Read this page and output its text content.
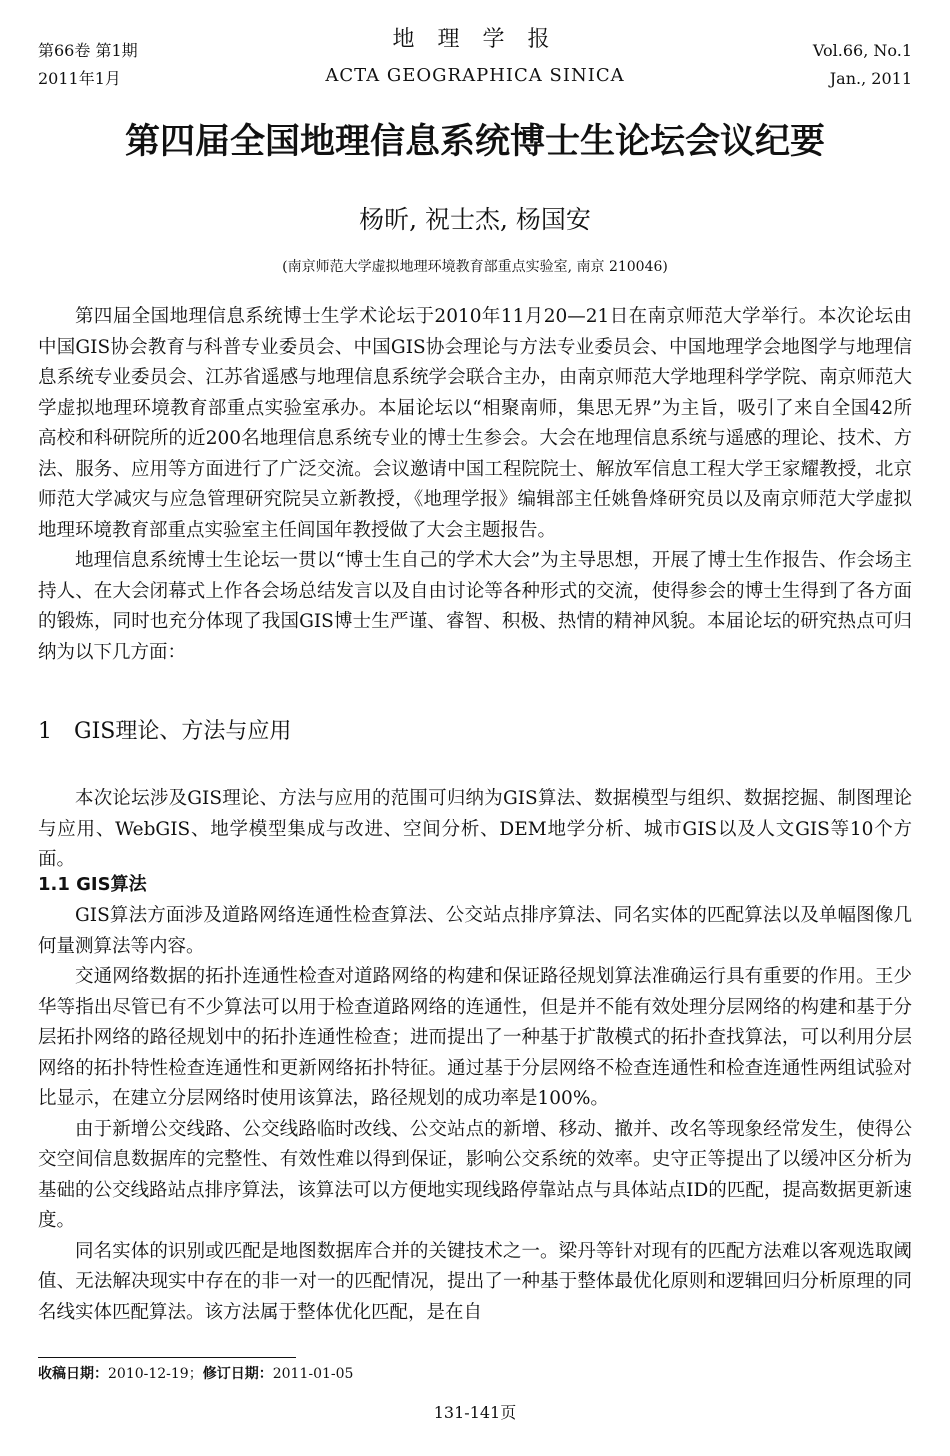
第66卷 第1期
2011年1月
地 理 学 报
ACTA GEOGRAPHICA SINICA
Vol.66, No.1
Jan., 2011
第四届全国地理信息系统博士生论坛会议纪要
杨昕, 祝士杰, 杨国安
(南京师范大学虚拟地理环境教育部重点实验室, 南京 210046)

第四届全国地理信息系统博士生学术论坛于2010年11月20—21日在南京师范大学举行。本次论坛由中国GIS协会教育与科普专业委员会、中国GIS协会理论与方法专业委员会、中国地理学会地图学与地理信息系统专业委员会、江苏省遥感与地理信息系统学会联合主办，由南京师范大学地理科学学院、南京师范大学虚拟地理环境教育部重点实验室承办。本届论坛以“相聚南师，集思无界”为主旨，吸引了来自全国42所高校和科研院所的近200名地理信息系统专业的博士生参会。大会在地理信息系统与遥感的理论、技术、方法、服务、应用等方面进行了广泛交流。会议邀请中国工程院院士、解放军信息工程大学王家耀教授，北京师范大学减灾与应急管理研究院吴立新教授，《地理学报》编辑部主任姚鲁烽研究员以及南京师范大学虚拟地理环境教育部重点实验室主任闾国年教授做了大会主题报告。

地理信息系统博士生论坛一贯以“博士生自己的学术大会”为主导思想，开展了博士生作报告、作会场主持人、在大会闭幕式上作各会场总结发言以及自由讨论等各种形式的交流，使得参会的博士生得到了各方面的锻炼，同时也充分体现了我国GIS博士生严谨、睿智、积极、热情的精神风貌。本届论坛的研究热点可归纳为以下几方面：

1　GIS理论、方法与应用

本次论坛涉及GIS理论、方法与应用的范围可归纳为GIS算法、数据模型与组织、数据挖掘、制图理论与应用、WebGIS、地学模型集成与改进、空间分析、DEM地学分析、城市GIS以及人文GIS等10个方面。

1.1 GIS算法

GIS算法方面涉及道路网络连通性检查算法、公交站点排序算法、同名实体的匹配算法以及单幅图像几何量测算法等内容。

交通网络数据的拓扑连通性检查对道路网络的构建和保证路径规划算法准确运行具有重要的作用。王少华等指出尽管已有不少算法可以用于检查道路网络的连通性，但是并不能有效处理分层网络的构建和基于分层拓扑网络的路径规划中的拓扑连通性检查；进而提出了一种基于扩散模式的拓扑查找算法，可以利用分层网络的拓扑特性检查连通性和更新网络拓扑特征。通过基于分层网络不检查连通性和检查连通性两组试验对比显示，在建立分层网络时使用该算法，路径规划的成功率是100%。

由于新增公交线路、公交线路临时改线、公交站点的新增、移动、撤并、改名等现象经常发生，使得公交空间信息数据库的完整性、有效性难以得到保证，影响公交系统的效率。史守正等提出了以缓冲区分析为基础的公交线路站点排序算法，该算法可以方便地实现线路停靠站点与具体站点ID的匹配，提高数据更新速度。

同名实体的识别或匹配是地图数据库合并的关键技术之一。梁丹等针对现有的匹配方法难以客观选取阈值、无法解决现实中存在的非一对一的匹配情况，提出了一种基于整体最优化原则和逻辑回归分析原理的同名线实体匹配算法。该方法属于整体优化匹配，是在自

收稿日期：2010-12-19；修订日期：2011-01-05
131-141页
